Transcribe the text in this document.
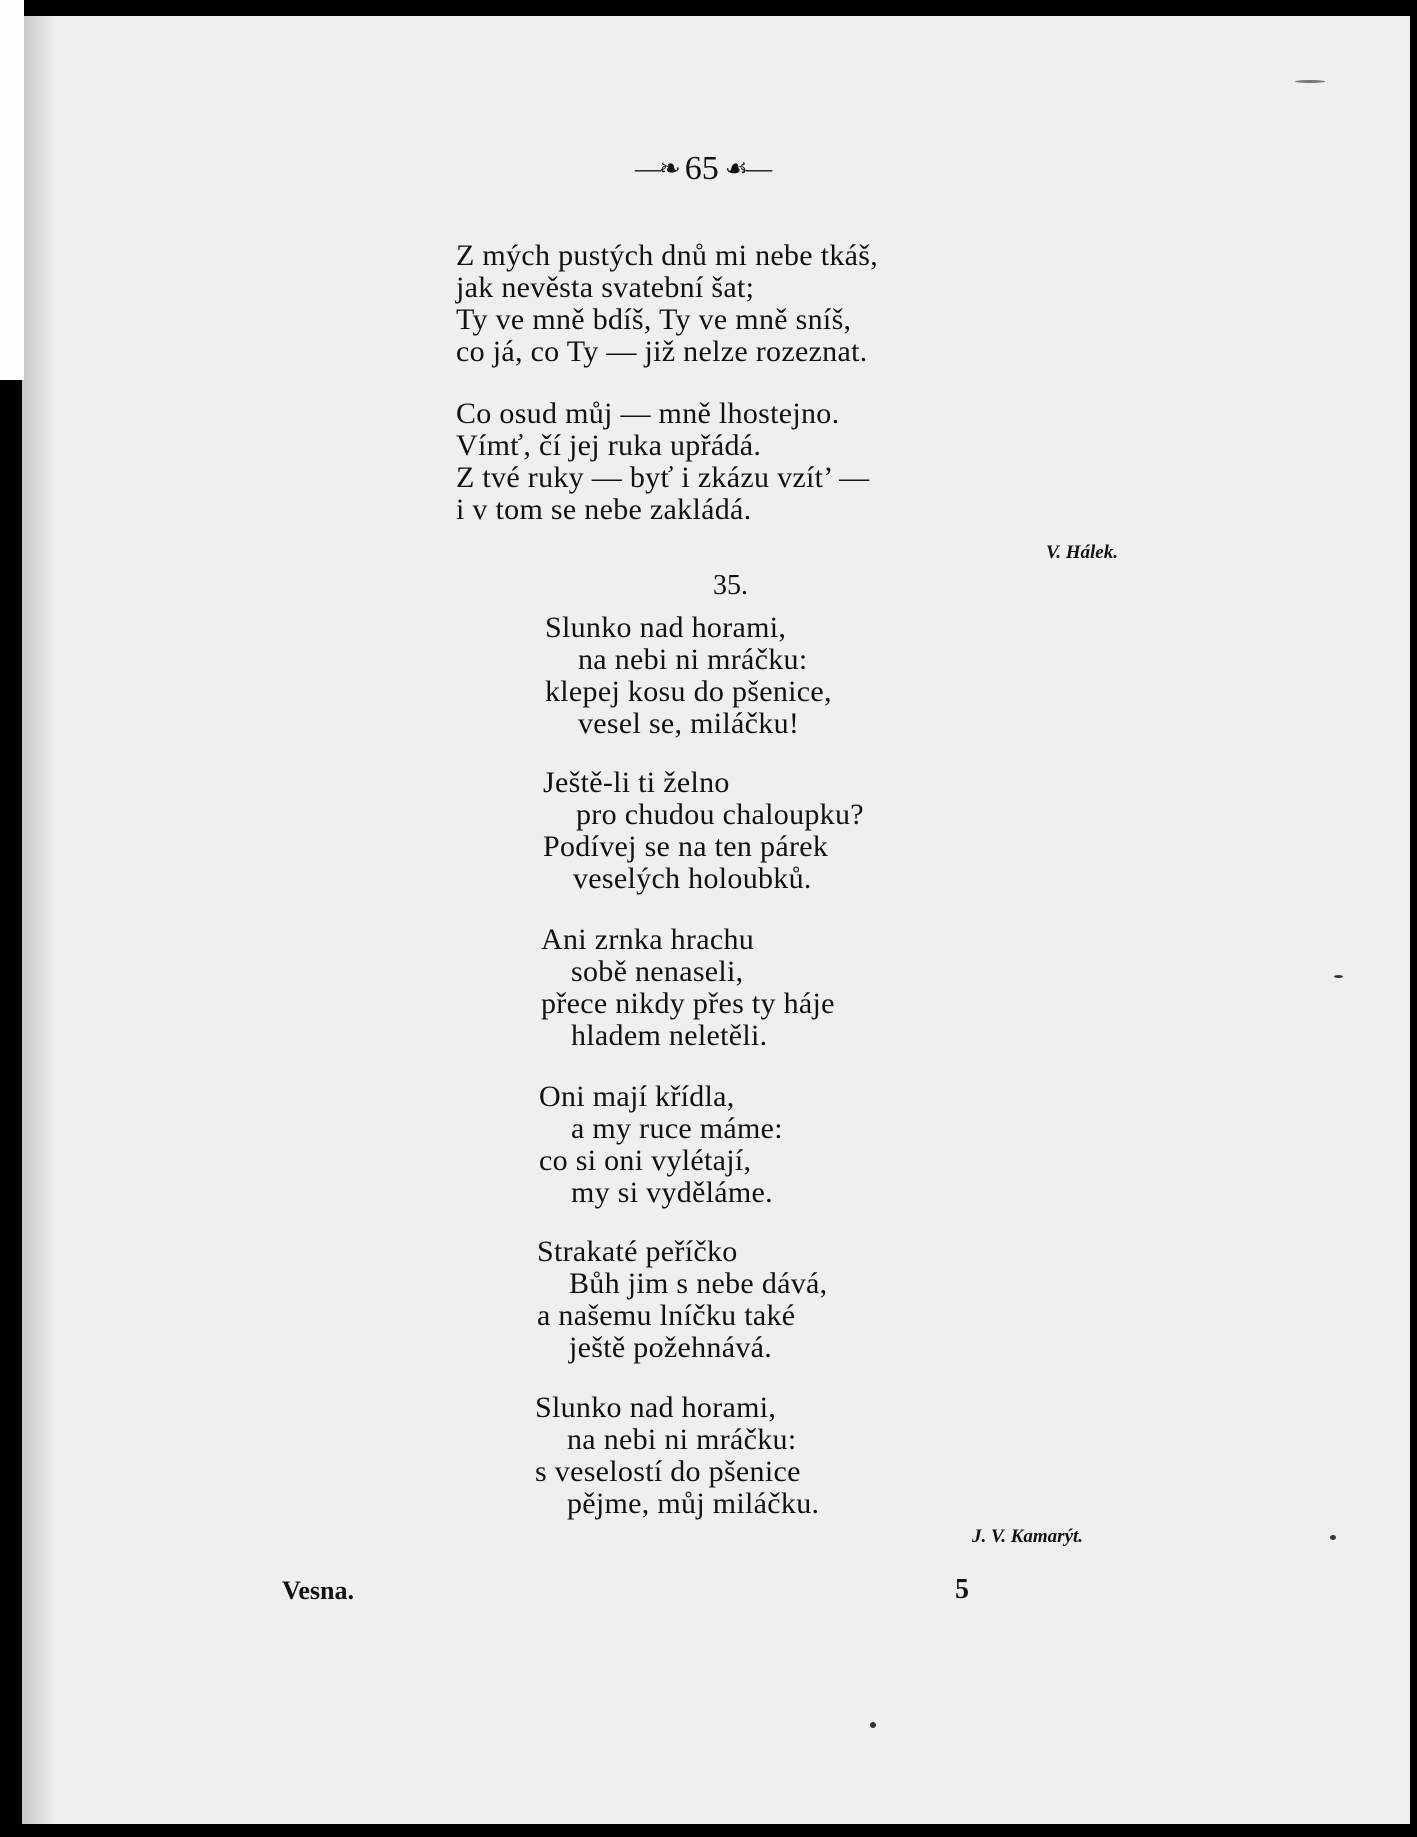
—❧ 65 ☙—
Z mých pustých dnů mi nebe tkáš,
jak nevěsta svatební šat;
Ty ve mně bdíš, Ty ve mně sníš,
co já, co Ty — již nelze rozeznat.
Co osud můj — mně lhostejno.
Vímť, čí jej ruka upřádá.
Z tvé ruky — byť i zkázu vzít’ —
i v tom se nebe zakládá.
V. Hálek.
35.
Slunko nad horami,
na nebi ni mráčku:
klepej kosu do pšenice,
vesel se, miláčku!
Ještě-li ti želno
pro chudou chaloupku?
Podívej se na ten párek
veselých holoubků.
Ani zrnka hrachu
sobě nenaseli,
přece nikdy přes ty háje
hladem neletěli.
Oni mají křídla,
a my ruce máme:
co si oni vylétají,
my si vyděláme.
Strakaté peříčko
Bůh jim s nebe dává,
a našemu lníčku také
ještě požehnává.
Slunko nad horami,
na nebi ni mráčku:
s veselostí do pšenice
pějme, můj miláčku.
J. V. Kamarýt.
Vesna.	5
